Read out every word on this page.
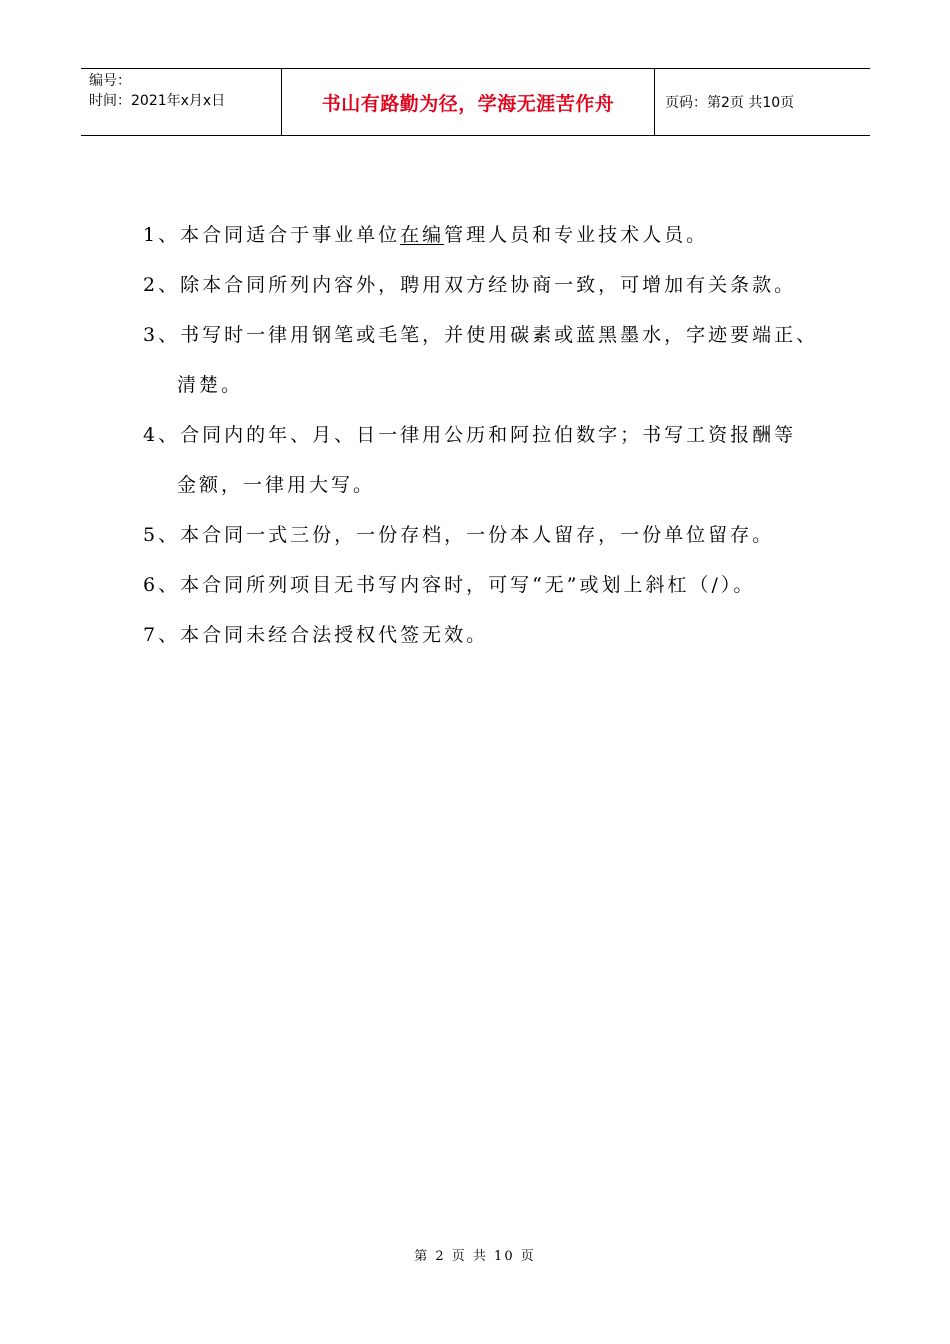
编号：
时间：2021年x月x日	书山有路勤为径，学海无涯苦作舟	页码：第2页 共10页
1、本合同适合于事业单位在编管理人员和专业技术人员。
2、除本合同所列内容外，聘用双方经协商一致，可增加有关条款。
3、书写时一律用钢笔或毛笔，并使用碳素或蓝黑墨水，字迹要端正、
清楚。
4、合同内的年、月、日一律用公历和阿拉伯数字；书写工资报酬等
金额，一律用大写。
5、本合同一式三份，一份存档，一份本人留存，一份单位留存。
6、本合同所列项目无书写内容时，可写“无”或划上斜杠（/）。
7、本合同未经合法授权代签无效。
第 2 页 共 10 页
